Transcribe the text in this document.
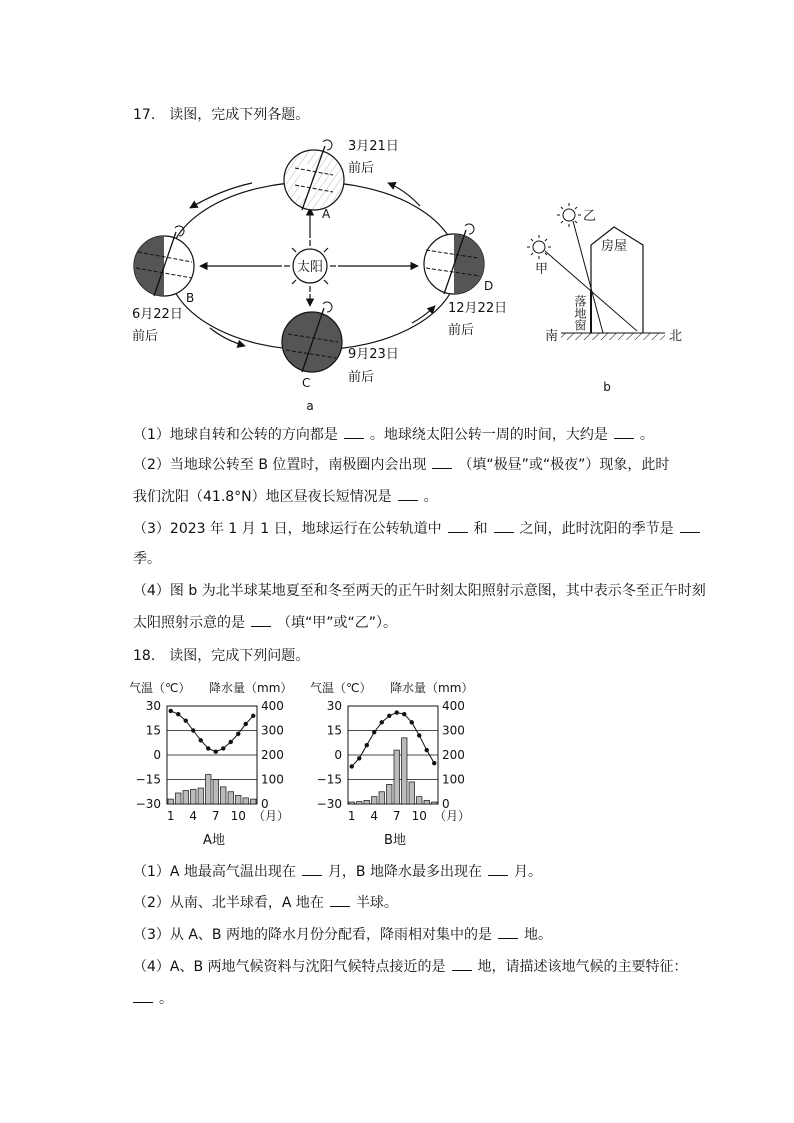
17. 读图，完成下列各题。
太阳
A
3月21日
前后
B
6月22日
前后
C
9月23日
前后
D
12月22日
前后
a
乙
甲
房屋
落地窗
南	北
b
（1）地球自转和公转的方向都是 。地球绕太阳公转一周的时间，大约是 。
（2）当地球公转至 B 位置时，南极圈内会出现 （填“极昼”或“极夜”）现象，此时
我们沈阳（41.8°N）地区昼夜长短情况是 。
（3）2023 年 1 月 1 日，地球运行在公转轨道中 和 之间，此时沈阳的季节是
季。
（4）图 b 为北半球某地夏至和冬至两天的正午时刻太阳照射示意图，其中表示冬至正午时刻
太阳照射示意的是 （填“甲”或“乙”）。
18. 读图，完成下列问题。
气温（℃） 降水量（mm）
30	400
15	300
0	200
−15	100
−30	0
1 4 7 10 （月）
A地
气温（℃） 降水量（mm）
30	400
15	300
0	200
−15	100
−30	0
1 4 7 10 （月）
B地
（1）A 地最高气温出现在 月，B 地降水最多出现在 月。
（2）从南、北半球看，A 地在 半球。
（3）从 A、B 两地的降水月份分配看，降雨相对集中的是 地。
（4）A、B 两地气候资料与沈阳气候特点接近的是 地，请描述该地气候的主要特征：
。
